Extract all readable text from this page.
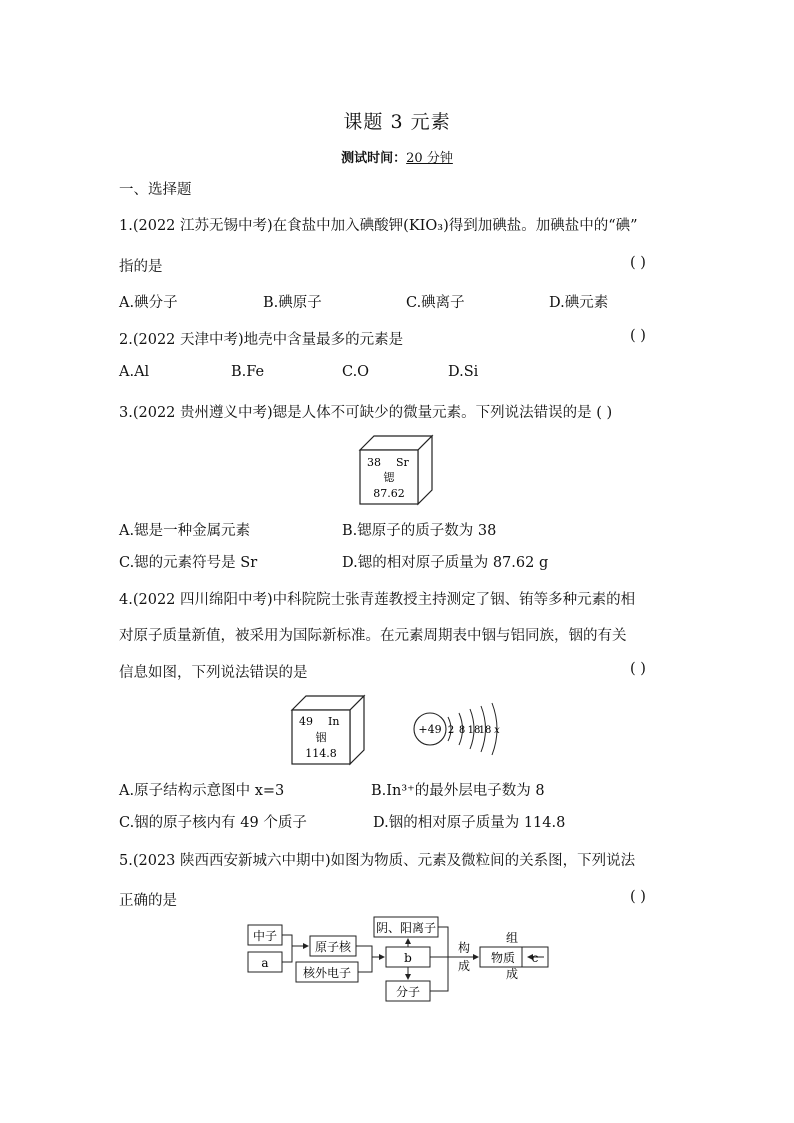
课题 3 元素
测试时间：20 分钟
一、选择题
1.(2022 江苏无锡中考)在食盐中加入碘酸钾(KIO₃)得到加碘盐。加碘盐中的“碘”
指的是	( )
A.碘分子	B.碘原子	C.碘离子	D.碘元素
2.(2022 天津中考)地壳中含量最多的元素是	( )
A.Al	B.Fe	C.O	D.Si
3.(2022 贵州遵义中考)锶是人体不可缺少的微量元素。下列说法错误的是 ( )
38 Sr
锶
87.62
A.锶是一种金属元素	B.锶原子的质子数为 38
C.锶的元素符号是 Sr	D.锶的相对原子质量为 87.62 g
4.(2022 四川绵阳中考)中科院院士张青莲教授主持测定了铟、铕等多种元素的相
对原子质量新值，被采用为国际新标准。在元素周期表中铟与铝同族，铟的有关
信息如图，下列说法错误的是	( )
49 In
铟
114.8
+49 2 8 18
18 x
A.原子结构示意图中 x=3	B.In³⁺的最外层电子数为 8
C.铟的原子核内有 49 个质子	D.铟的相对原子质量为 114.8
5.(2023 陕西西安新城六中期中)如图为物质、元素及微粒间的关系图，下列说法
正确的是	( )
中子
a
原子核
核外电子
b
阴、阳离子
分子
物质 c
构
成
组
成
